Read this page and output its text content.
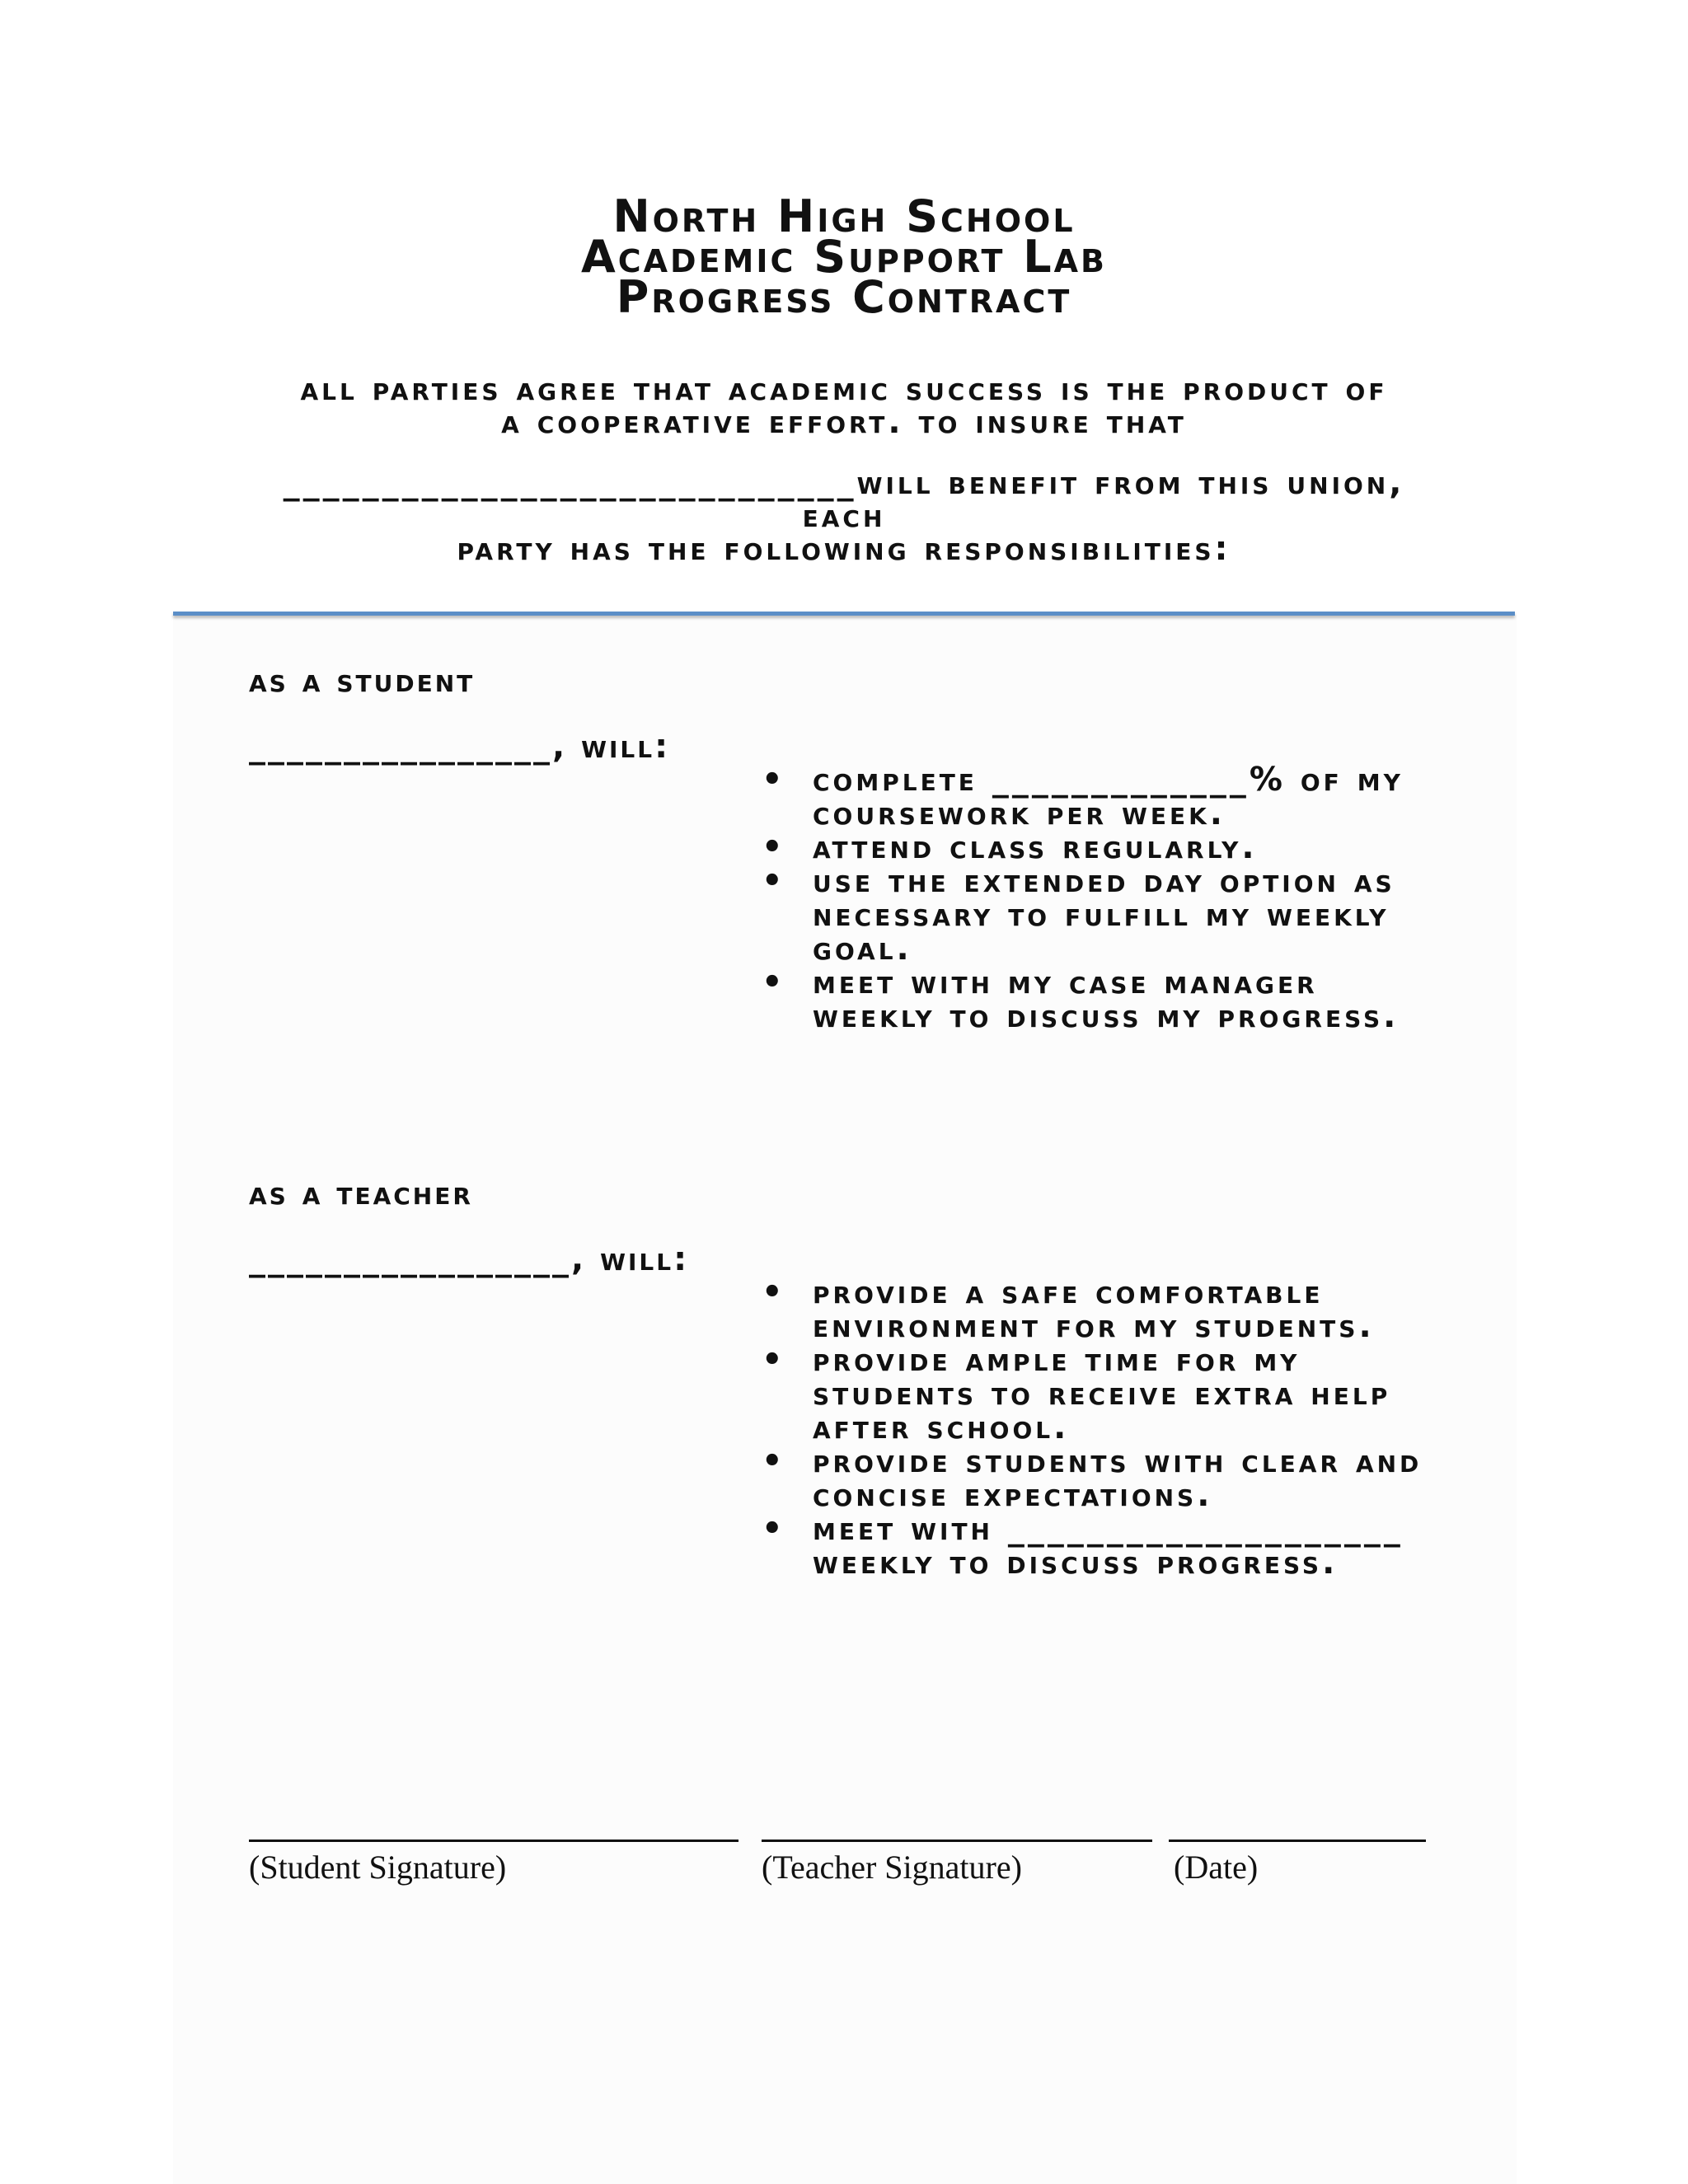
North High School
Academic Support Lab
Progress Contract
all parties agree that academic success is the product of
a cooperative effort. to insure that
_____________________________will benefit from this union, each
party has the following responsibilities:
as a student
________________, will:
• complete _____________% of my coursework per week.
• attend class regularly.
• use the extended day option as necessary to fulfill my weekly goal.
• meet with my case manager weekly to discuss my progress.
as a teacher
_________________, will:
• provide a safe comfortable environment for my students.
• provide ample time for my students to receive extra help after school.
• provide students with clear and concise expectations.
• meet with ____________________ weekly to discuss progress.
(Student Signature)	(Teacher Signature)	(Date)
